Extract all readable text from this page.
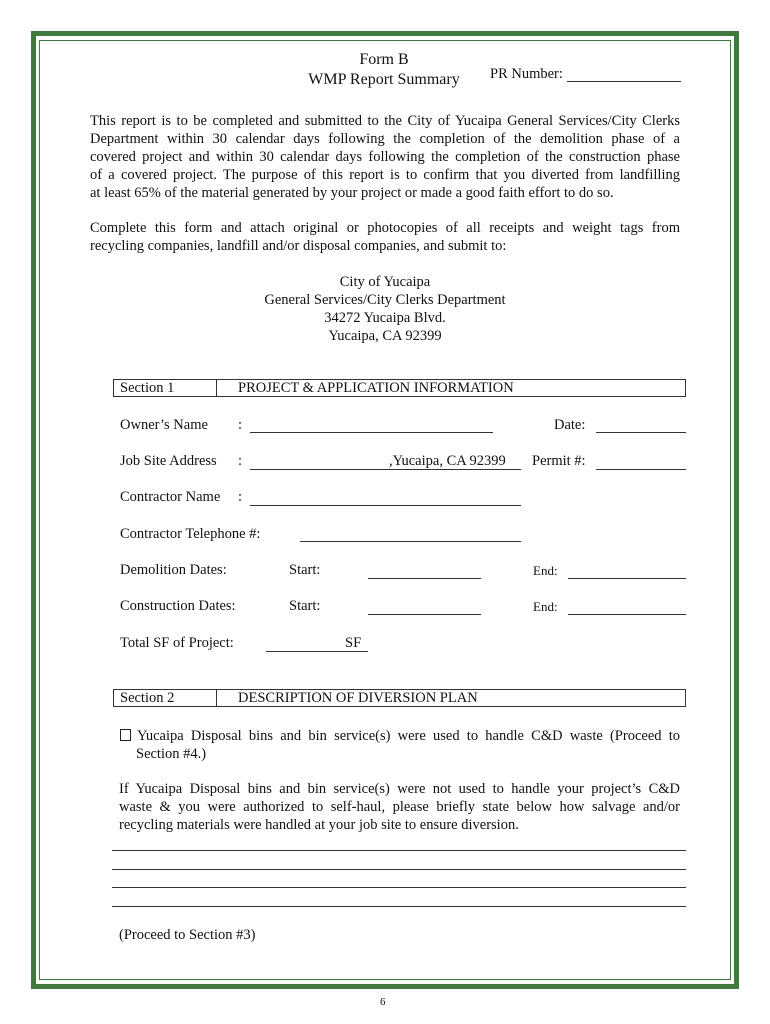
Form B
WMP Report Summary	PR Number:
This report is to be completed and submitted to the City of Yucaipa General Services/City Clerks
Department within 30 calendar days following the completion of the demolition phase of a
covered project and within 30 calendar days following the completion of the construction phase
of a covered project. The purpose of this report is to confirm that you diverted from landfilling
at least 65% of the material generated by your project or made a good faith effort to do so.
Complete this form and attach original or photocopies of all receipts and weight tags from
recycling companies, landfill and/or disposal companies, and submit to:
City of Yucaipa
General Services/City Clerks Department
34272 Yucaipa Blvd.
Yucaipa, CA 92399
Section 1	PROJECT & APPLICATION INFORMATION
Owner’s Name :	Date:
Job Site Address :	,Yucaipa, CA 92399 Permit #:
Contractor Name :
Contractor Telephone #:
Demolition Dates:	Start:	End:
Construction Dates:	Start:	End:
Total SF of Project:	SF
Section 2	DESCRIPTION OF DIVERSION PLAN
Yucaipa Disposal bins and bin service(s) were used to handle C&D waste (Proceed to
Section #4.)
If Yucaipa Disposal bins and bin service(s) were not used to handle your project’s C&D
waste & you were authorized to self-haul, please briefly state below how salvage and/or
recycling materials were handled at your job site to ensure diversion.
(Proceed to Section #3)
6
